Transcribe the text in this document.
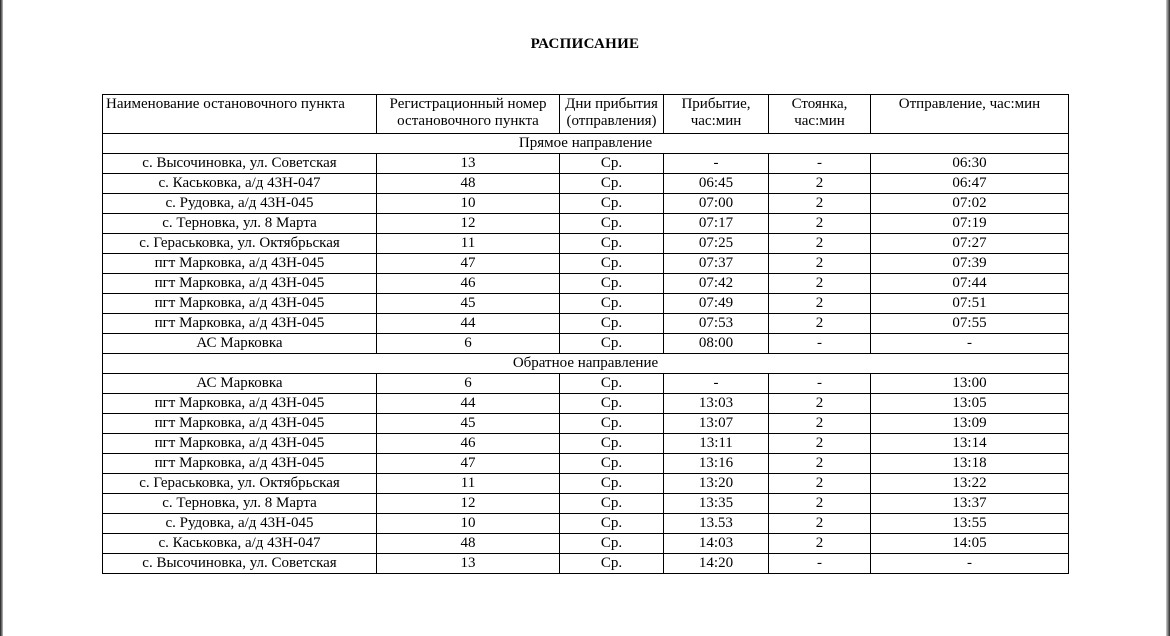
РАСПИСАНИЕ
Наименование остановочного пункта	Регистрационный номер остановочного пункта	Дни прибытия (отправления)	Прибытие, час:мин	Стоянка, час:мин	Отправление, час:мин
Прямое направление					
с. Высочиновка, ул. Советская	13	Ср.	-	-	06:30
с. Каськовка, а/д 43Н-047	48	Ср.	06:45	2	06:47
с. Рудовка, а/д 43Н-045	10	Ср.	07:00	2	07:02
с. Терновка, ул. 8 Марта	12	Ср.	07:17	2	07:19
с. Гераськовка, ул. Октябрьская	11	Ср.	07:25	2	07:27
пгт Марковка, а/д 43Н-045	47	Ср.	07:37	2	07:39
пгт Марковка, а/д 43Н-045	46	Ср.	07:42	2	07:44
пгт Марковка, а/д 43Н-045	45	Ср.	07:49	2	07:51
пгт Марковка, а/д 43Н-045	44	Ср.	07:53	2	07:55
АС Марковка	6	Ср.	08:00	-	-
Обратное направление					
АС Марковка	6	Ср.	-	-	13:00
пгт Марковка, а/д 43Н-045	44	Ср.	13:03	2	13:05
пгт Марковка, а/д 43Н-045	45	Ср.	13:07	2	13:09
пгт Марковка, а/д 43Н-045	46	Ср.	13:11	2	13:14
пгт Марковка, а/д 43Н-045	47	Ср.	13:16	2	13:18
с. Гераськовка, ул. Октябрьская	11	Ср.	13:20	2	13:22
с. Терновка, ул. 8 Марта	12	Ср.	13:35	2	13:37
с. Рудовка, а/д 43Н-045	10	Ср.	13.53	2	13:55
с. Каськовка, а/д 43Н-047	48	Ср.	14:03	2	14:05
с. Высочиновка, ул. Советская	13	Ср.	14:20	-	-
